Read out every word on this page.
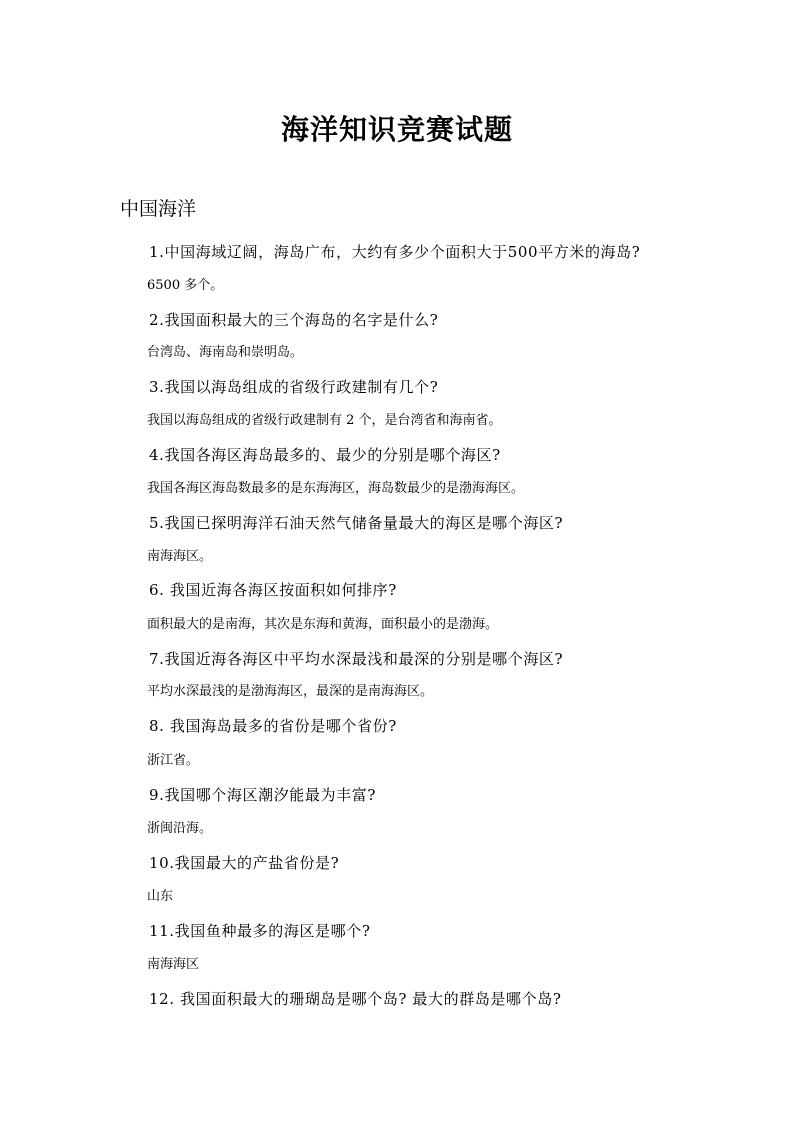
海洋知识竞赛试题
中国海洋
1.中国海域辽阔，海岛广布，大约有多少个面积大于500平方米的海岛?
6500 多个。
2.我国面积最大的三个海岛的名字是什么?
台湾岛、海南岛和崇明岛。
3.我国以海岛组成的省级行政建制有几个?
我国以海岛组成的省级行政建制有 2 个，是台湾省和海南省。
4.我国各海区海岛最多的、最少的分别是哪个海区?
我国各海区海岛数最多的是东海海区，海岛数最少的是渤海海区。
5.我国已探明海洋石油天然气储备量最大的海区是哪个海区?
南海海区。
6. 我国近海各海区按面积如何排序?
面积最大的是南海，其次是东海和黄海，面积最小的是渤海。
7.我国近海各海区中平均水深最浅和最深的分别是哪个海区?
平均水深最浅的是渤海海区，最深的是南海海区。
8. 我国海岛最多的省份是哪个省份?
浙江省。
9.我国哪个海区潮汐能最为丰富?
浙闽沿海。
10.我国最大的产盐省份是?
山东
11.我国鱼种最多的海区是哪个?
南海海区
12. 我国面积最大的珊瑚岛是哪个岛? 最大的群岛是哪个岛?
